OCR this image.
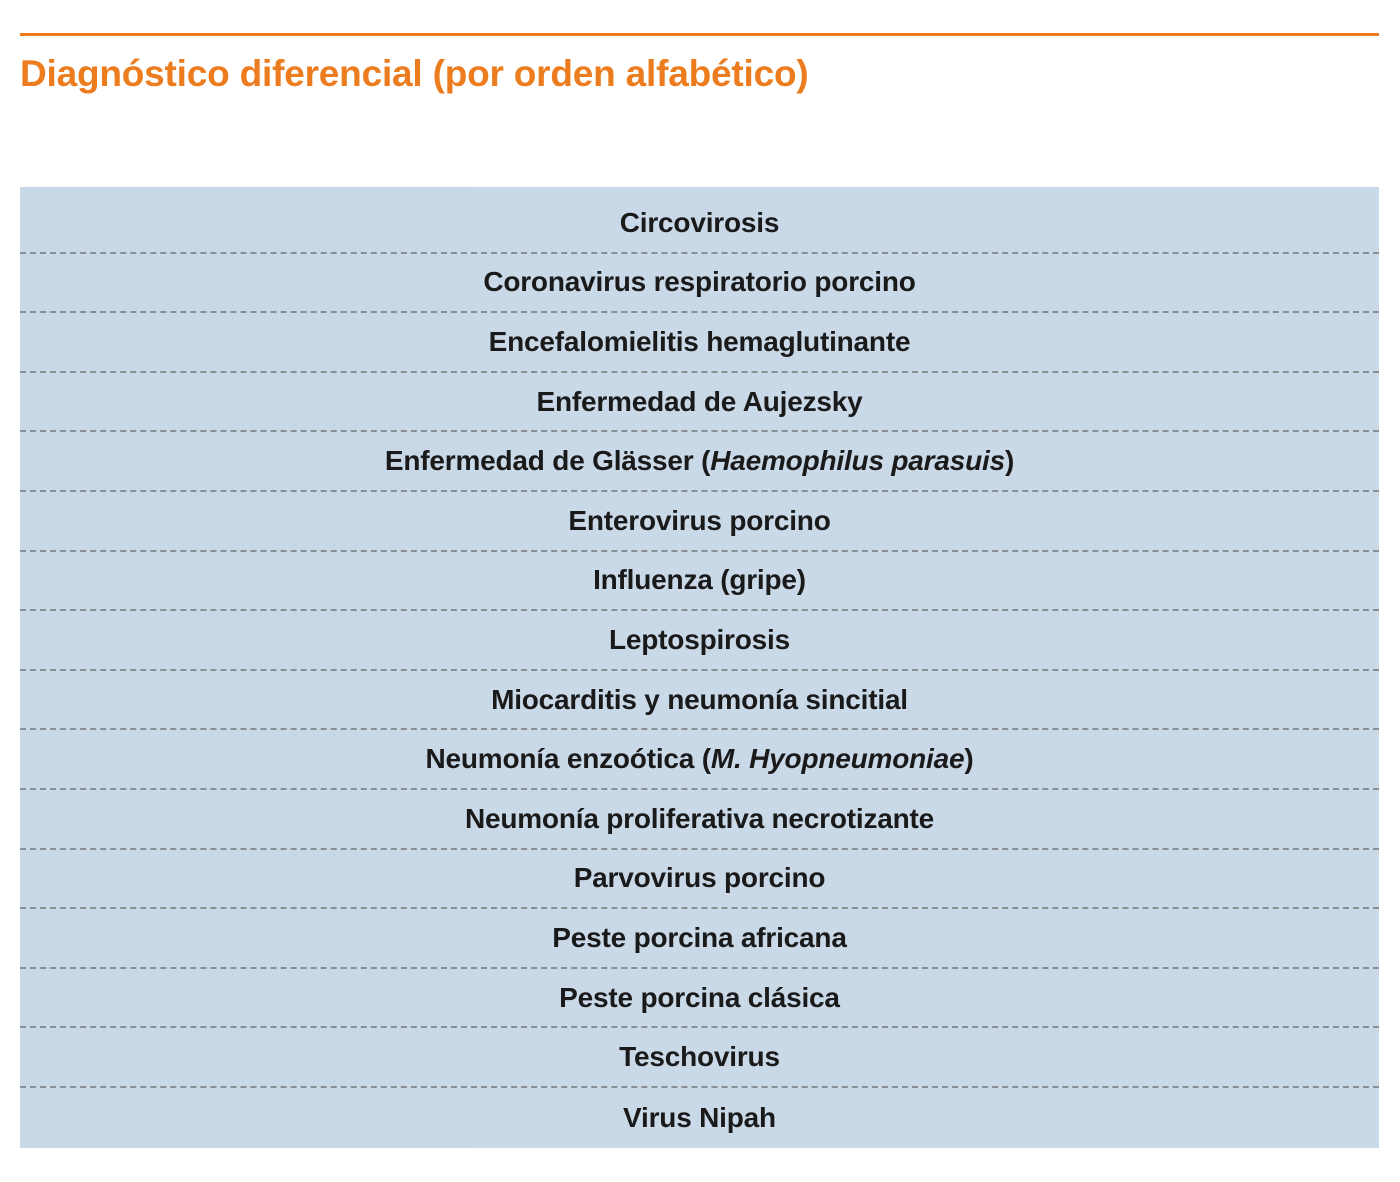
Diagnóstico diferencial (por orden alfabético)
Circovirosis
Coronavirus respiratorio porcino
Encefalomielitis hemaglutinante
Enfermedad de Aujezsky
Enfermedad de Glässer (Haemophilus parasuis)
Enterovirus porcino
Influenza (gripe)
Leptospirosis
Miocarditis y neumonía sincitial
Neumonía enzoótica (M. Hyopneumoniae)
Neumonía proliferativa necrotizante
Parvovirus porcino
Peste porcina africana
Peste porcina clásica
Teschovirus
Virus Nipah
